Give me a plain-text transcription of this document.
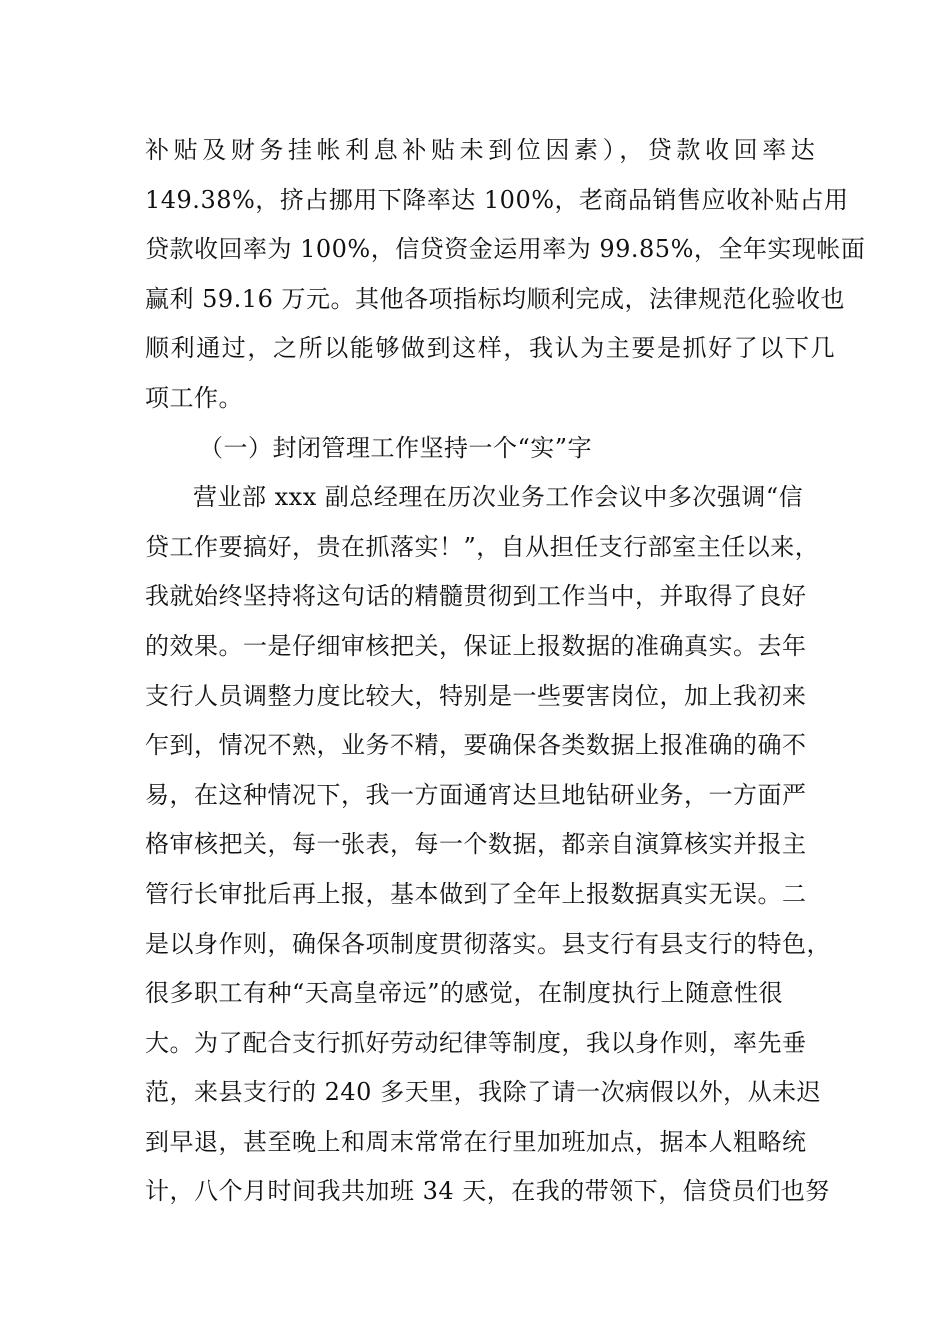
补贴及财务挂帐利息补贴未到位因素），贷款收回率达
149.38%，挤占挪用下降率达 100%，老商品销售应收补贴占用
贷款收回率为 100%，信贷资金运用率为 99.85%，全年实现帐面
赢利 59.16 万元。其他各项指标均顺利完成，法律规范化验收也
顺利通过，之所以能够做到这样，我认为主要是抓好了以下几
项工作。
（一）封闭管理工作坚持一个“实”字
营业部 xxx 副总经理在历次业务工作会议中多次强调“信
贷工作要搞好，贵在抓落实！”，自从担任支行部室主任以来，
我就始终坚持将这句话的精髓贯彻到工作当中，并取得了良好
的效果。一是仔细审核把关，保证上报数据的准确真实。去年
支行人员调整力度比较大，特别是一些要害岗位，加上我初来
乍到，情况不熟，业务不精，要确保各类数据上报准确的确不
易，在这种情况下，我一方面通宵达旦地钻研业务，一方面严
格审核把关，每一张表，每一个数据，都亲自演算核实并报主
管行长审批后再上报，基本做到了全年上报数据真实无误。二
是以身作则，确保各项制度贯彻落实。县支行有县支行的特色，
很多职工有种“天高皇帝远”的感觉，在制度执行上随意性很
大。为了配合支行抓好劳动纪律等制度，我以身作则，率先垂
范，来县支行的 240 多天里，我除了请一次病假以外，从未迟
到早退，甚至晚上和周末常常在行里加班加点，据本人粗略统
计，八个月时间我共加班 34 天，在我的带领下，信贷员们也努
